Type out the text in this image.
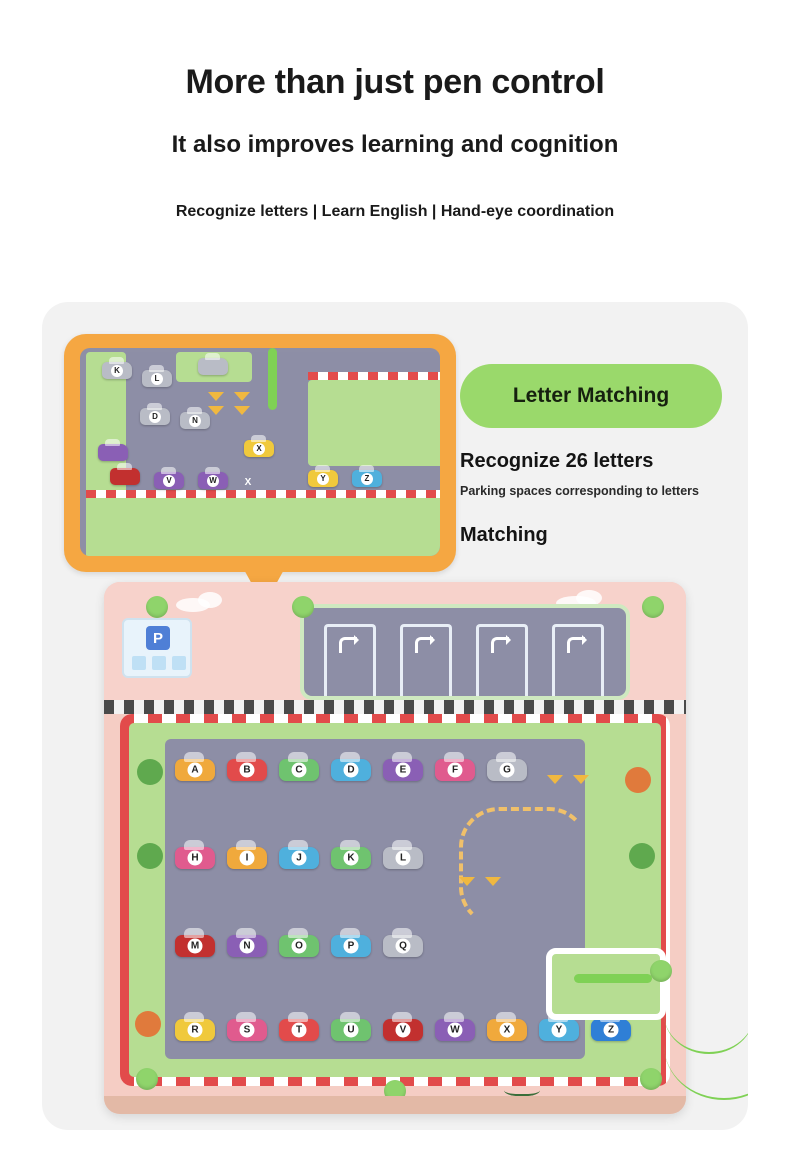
More than just pen control
It also improves learning and cognition
Recognize letters | Learn English | Hand-eye coordination
K
L
D	N
X
V	W	Y	Z
X
Letter Matching
Recognize 26 letters
Parking spaces corresponding to letters
Matching
P
A	B	C	D	E	F	G
H	I	J	K	L
M	N	O	P	Q
R	S	T	U	V	W	X	Y	Z
